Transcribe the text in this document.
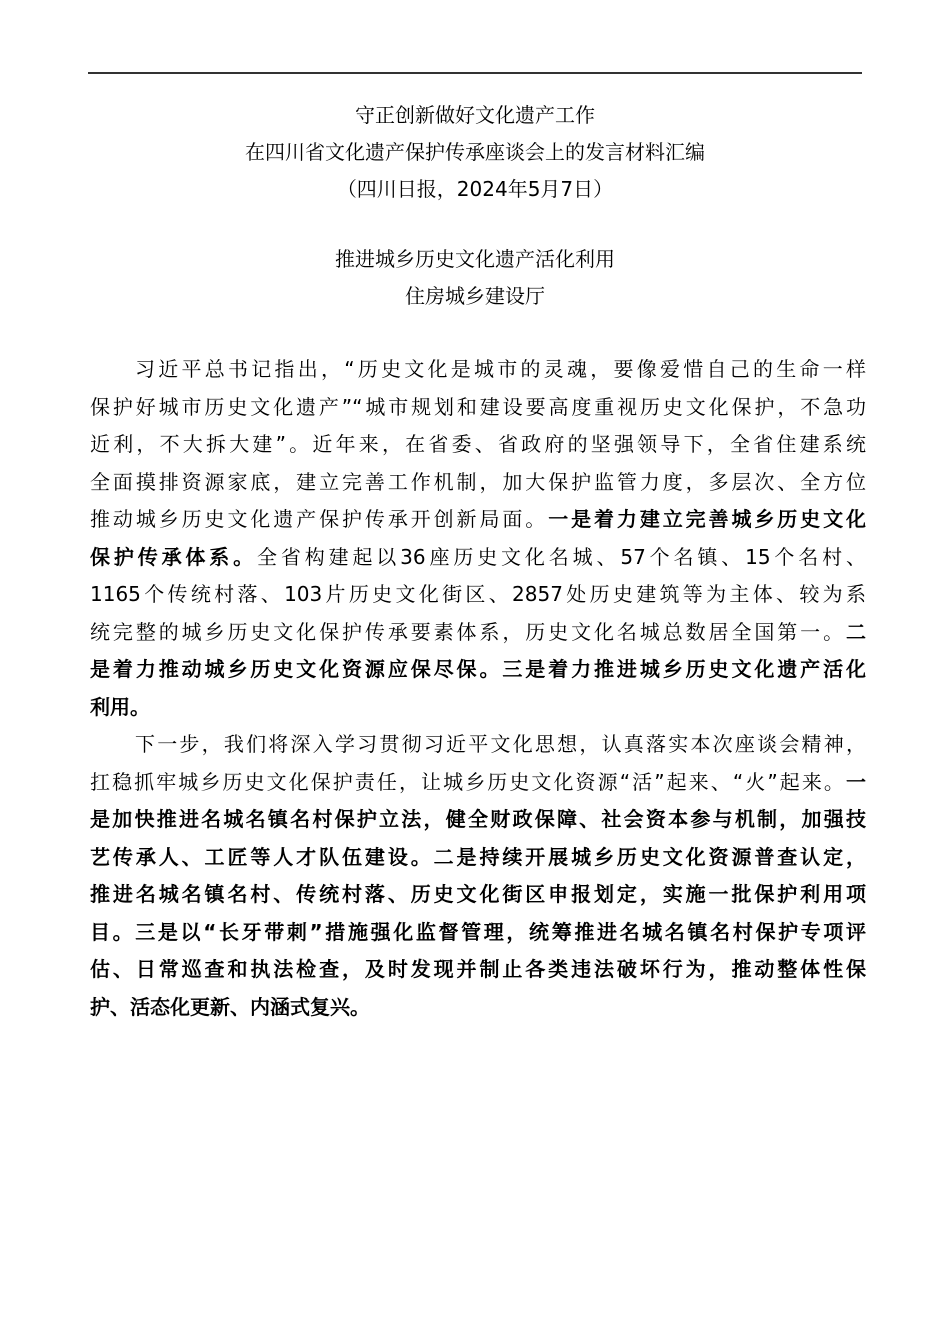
守正创新做好文化遗产工作
在四川省文化遗产保护传承座谈会上的发言材料汇编
（四川日报，2024年5月7日）
推进城乡历史文化遗产活化利用
住房城乡建设厅
习近平总书记指出，“历史文化是城市的灵魂，要像爱惜自己的生命一样
保护好城市历史文化遗产”“城市规划和建设要高度重视历史文化保护，不急功
近利，不大拆大建”。近年来，在省委、省政府的坚强领导下，全省住建系统
全面摸排资源家底，建立完善工作机制，加大保护监管力度，多层次、全方位
推动城乡历史文化遗产保护传承开创新局面。一是着力建立完善城乡历史文化
保护传承体系。全省构建起以36座历史文化名城、57个名镇、15个名村、
1165个传统村落、103片历史文化街区、2857处历史建筑等为主体、较为系
统完整的城乡历史文化保护传承要素体系，历史文化名城总数居全国第一。二
是着力推动城乡历史文化资源应保尽保。三是着力推进城乡历史文化遗产活化
利用。
下一步，我们将深入学习贯彻习近平文化思想，认真落实本次座谈会精神，
扛稳抓牢城乡历史文化保护责任，让城乡历史文化资源“活”起来、“火”起来。一
是加快推进名城名镇名村保护立法，健全财政保障、社会资本参与机制，加强技
艺传承人、工匠等人才队伍建设。二是持续开展城乡历史文化资源普查认定，
推进名城名镇名村、传统村落、历史文化街区申报划定，实施一批保护利用项
目。三是以“长牙带刺”措施强化监督管理，统筹推进名城名镇名村保护专项评
估、日常巡查和执法检查，及时发现并制止各类违法破坏行为，推动整体性保
护、活态化更新、内涵式复兴。
